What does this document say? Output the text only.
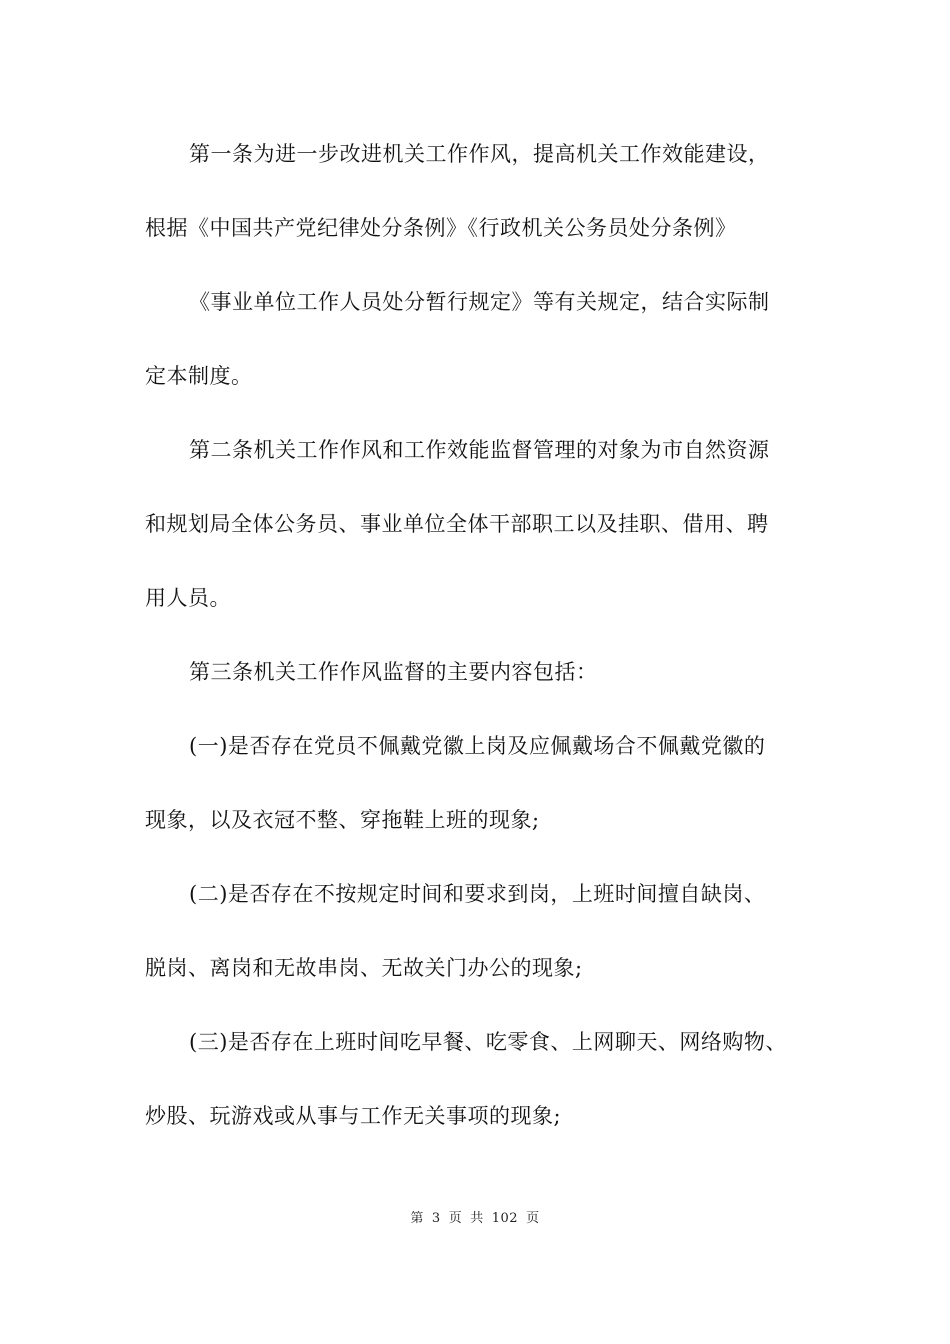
第一条为进一步改进机关工作作风，提高机关工作效能建设，
根据《中国共产党纪律处分条例》《行政机关公务员处分条例》
《事业单位工作人员处分暂行规定》等有关规定，结合实际制
定本制度。
第二条机关工作作风和工作效能监督管理的对象为市自然资源
和规划局全体公务员、事业单位全体干部职工以及挂职、借用、聘
用人员。
第三条机关工作作风监督的主要内容包括：
(一)是否存在党员不佩戴党徽上岗及应佩戴场合不佩戴党徽的
现象，以及衣冠不整、穿拖鞋上班的现象;
(二)是否存在不按规定时间和要求到岗，上班时间擅自缺岗、
脱岗、离岗和无故串岗、无故关门办公的现象;
(三)是否存在上班时间吃早餐、吃零食、上网聊天、网络购物、
炒股、玩游戏或从事与工作无关事项的现象;
第 3 页 共 102 页
